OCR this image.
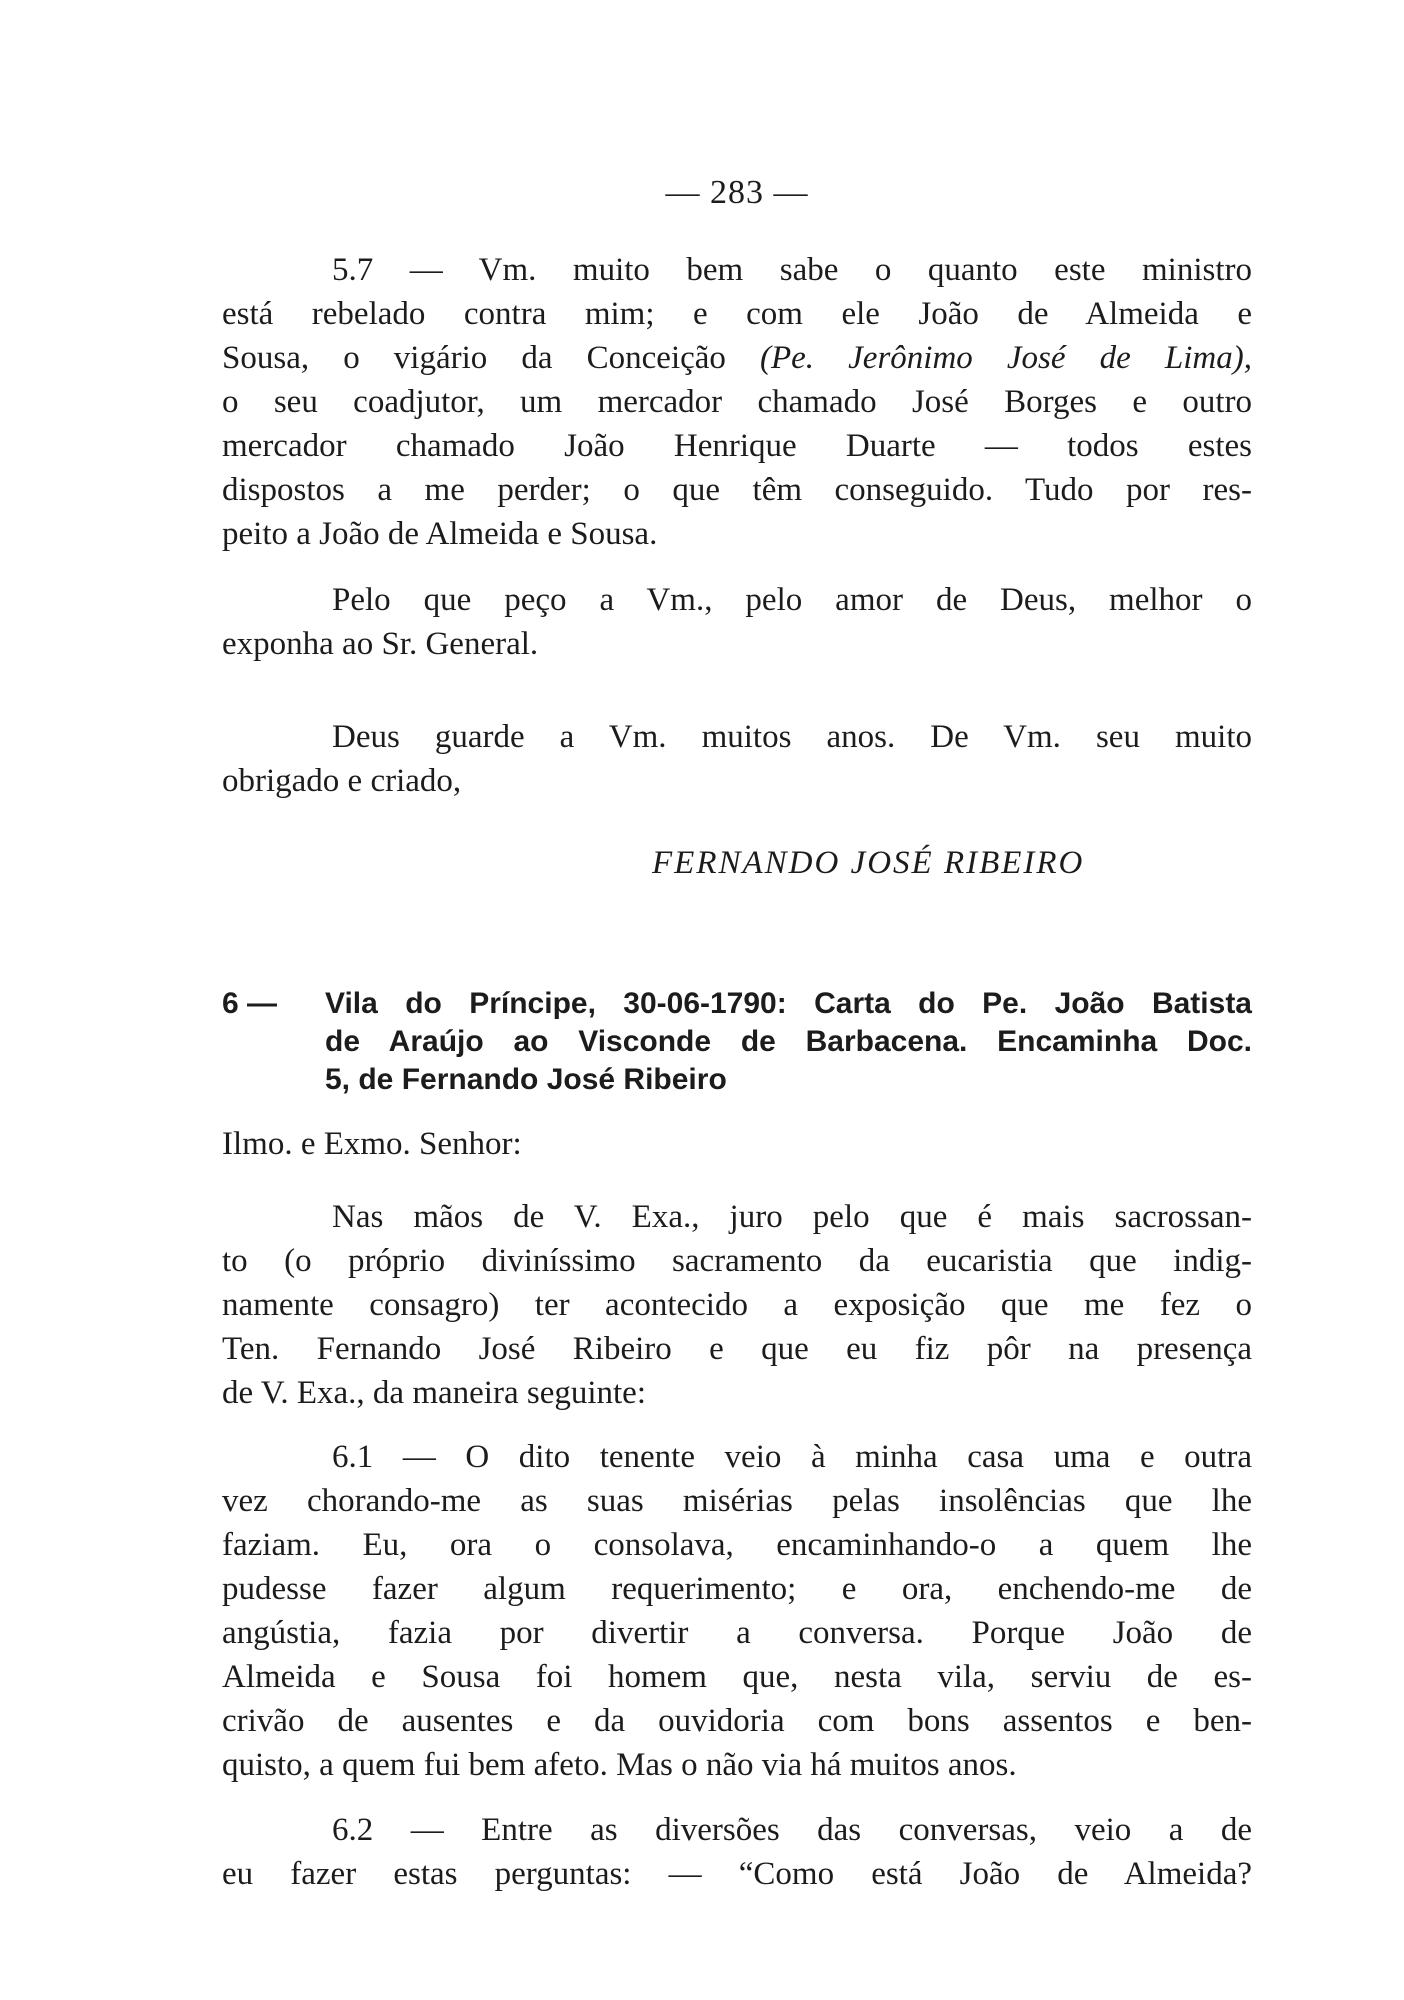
— 283 —

5.7 — Vm. muito bem sabe o quanto este ministro
está rebelado contra mim; e com ele João de Almeida e
Sousa, o vigário da Conceição (Pe. Jerônimo José de Lima),
o seu coadjutor, um mercador chamado José Borges e outro
mercador chamado João Henrique Duarte — todos estes
dispostos a me perder; o que têm conseguido. Tudo por res-
peito a João de Almeida e Sousa.

Pelo que peço a Vm., pelo amor de Deus, melhor o
exponha ao Sr. General.

Deus guarde a Vm. muitos anos. De Vm. seu muito
obrigado e criado,

FERNANDO JOSÉ RIBEIRO
6 — Vila do Príncipe, 30-06-1790: Carta do Pe. João Batista
de Araújo ao Visconde de Barbacena. Encaminha Doc.
5, de Fernando José Ribeiro

Ilmo. e Exmo. Senhor:

Nas mãos de V. Exa., juro pelo que é mais sacrossan-
to (o próprio diviníssimo sacramento da eucaristia que indig-
namente consagro) ter acontecido a exposição que me fez o
Ten. Fernando José Ribeiro e que eu fiz pôr na presença
de V. Exa., da maneira seguinte:

6.1 — O dito tenente veio à minha casa uma e outra
vez chorando-me as suas misérias pelas insolências que lhe
faziam. Eu, ora o consolava, encaminhando-o a quem lhe
pudesse fazer algum requerimento; e ora, enchendo-me de
angústia, fazia por divertir a conversa. Porque João de
Almeida e Sousa foi homem que, nesta vila, serviu de es-
crivão de ausentes e da ouvidoria com bons assentos e ben-
quisto, a quem fui bem afeto. Mas o não via há muitos anos.

6.2 — Entre as diversões das conversas, veio a de
eu fazer estas perguntas: — “Como está João de Almeida?
